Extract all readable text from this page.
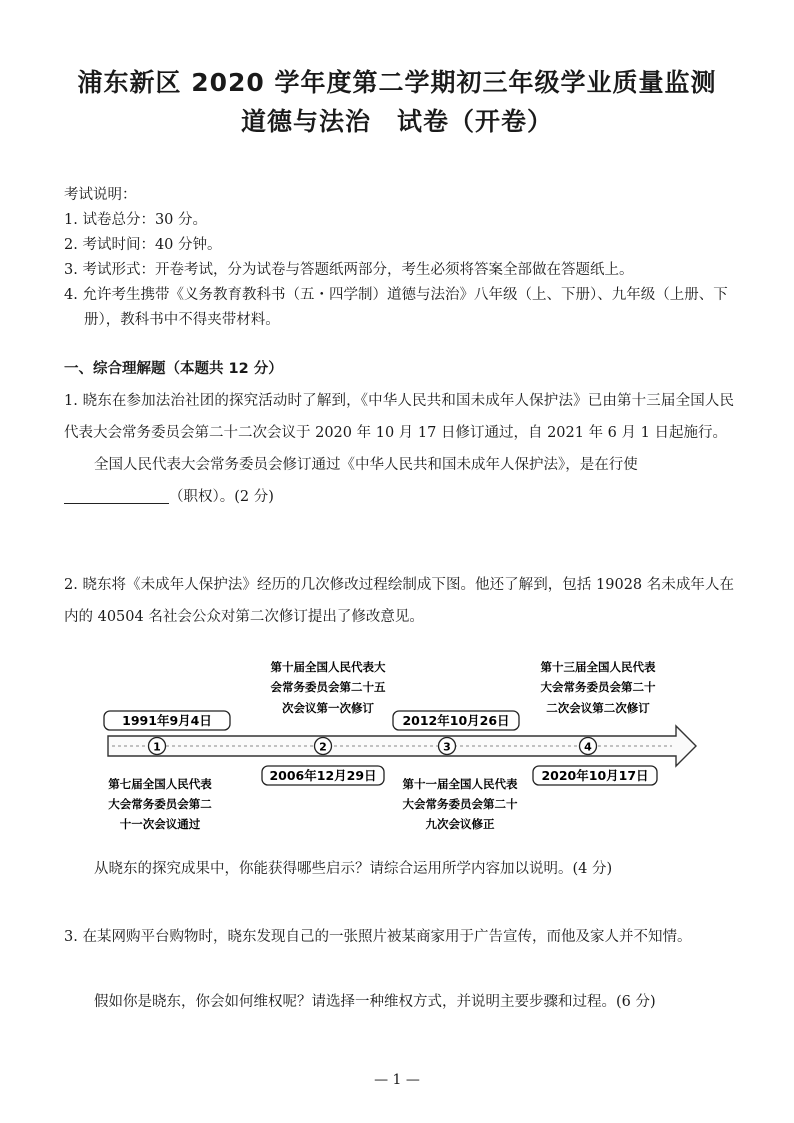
浦东新区 2020 学年度第二学期初三年级学业质量监测
道德与法治　试卷（开卷）
考试说明：
1. 试卷总分：30 分。
2. 考试时间：40 分钟。
3. 考试形式：开卷考试，分为试卷与答题纸两部分，考生必须将答案全部做在答题纸上。
4. 允许考生携带《义务教育教科书（五・四学制）道德与法治》八年级（上、下册）、九年级（上册、下册），教科书中不得夹带材料。
一、综合理解题（本题共 12 分）
1. 晓东在参加法治社团的探究活动时了解到，《中华人民共和国未成年人保护法》已由第十三届全国人民代表大会常务委员会第二十二次会议于 2020 年 10 月 17 日修订通过，自 2021 年 6 月 1 日起施行。
全国人民代表大会常务委员会修订通过《中华人民共和国未成年人保护法》，是在行使
（职权）。(2 分)
2. 晓东将《未成年人保护法》经历的几次修改过程绘制成下图。他还了解到，包括 19028 名未成年人在内的 40504 名社会公众对第二次修订提出了修改意见。
1991年9月4日
1
第七届全国人民代表
大会常务委员会第二
十一次会议通过
第十届全国人民代表大
会常务委员会第二十五
次会议第一次修订
2
2006年12月29日
2012年10月26日
3
第十一届全国人民代表
大会常务委员会第二十
九次会议修正
第十三届全国人民代表
大会常务委员会第二十
二次会议第二次修订
4
2020年10月17日
从晓东的探究成果中，你能获得哪些启示？请综合运用所学内容加以说明。(4 分)
3. 在某网购平台购物时，晓东发现自己的一张照片被某商家用于广告宣传，而他及家人并不知情。
假如你是晓东，你会如何维权呢？请选择一种维权方式，并说明主要步骤和过程。(6 分)
— 1 —
